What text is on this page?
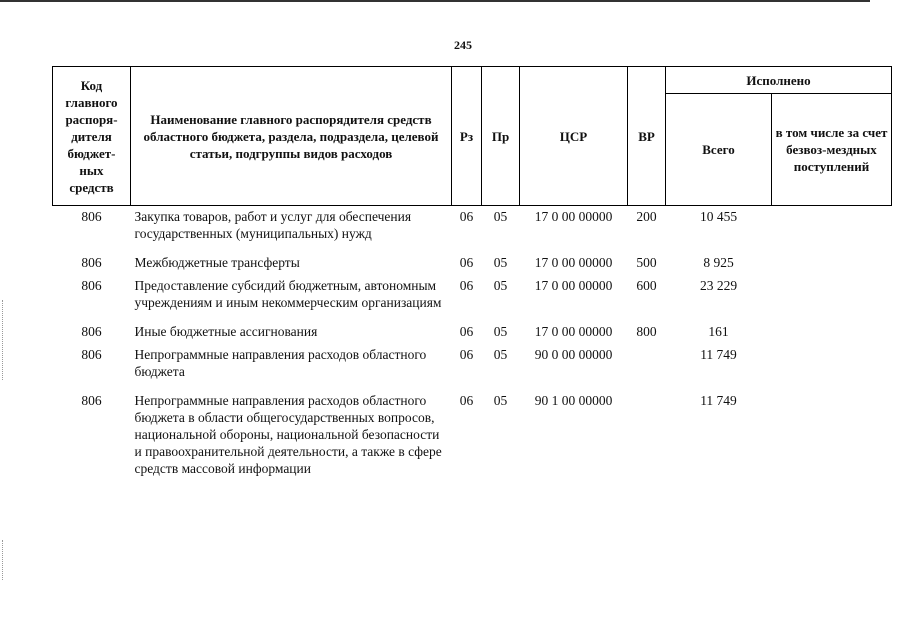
245
Код главного распоря-дителя бюджет-ных средств	Наименование главного распорядителя средств областного бюджета, раздела, подраздела, целевой статьи, подгруппы видов расходов	Рз	Пр	ЦСР	ВР	Исполнено	
						Всего	в том числе за счет безвоз-мездных поступлений
806	Закупка товаров, работ и услуг для обеспечения государственных (муниципальных) нужд	06	05	17 0 00 00000	200	10 455	
806	Межбюджетные трансферты	06	05	17 0 00 00000	500	8 925	
806	Предоставление субсидий бюджетным, автономным учреждениям и иным некоммерческим организациям	06	05	17 0 00 00000	600	23 229	
806	Иные бюджетные ассигнования	06	05	17 0 00 00000	800	161	
806	Непрограммные направления расходов областного бюджета	06	05	90 0 00 00000		11 749	
806	Непрограммные направления расходов областного бюджета в области общегосударственных вопросов, национальной обороны, национальной безопасности и правоохранительной деятельности, а также в сфере средств массовой информации	06	05	90 1 00 00000		11 749	
